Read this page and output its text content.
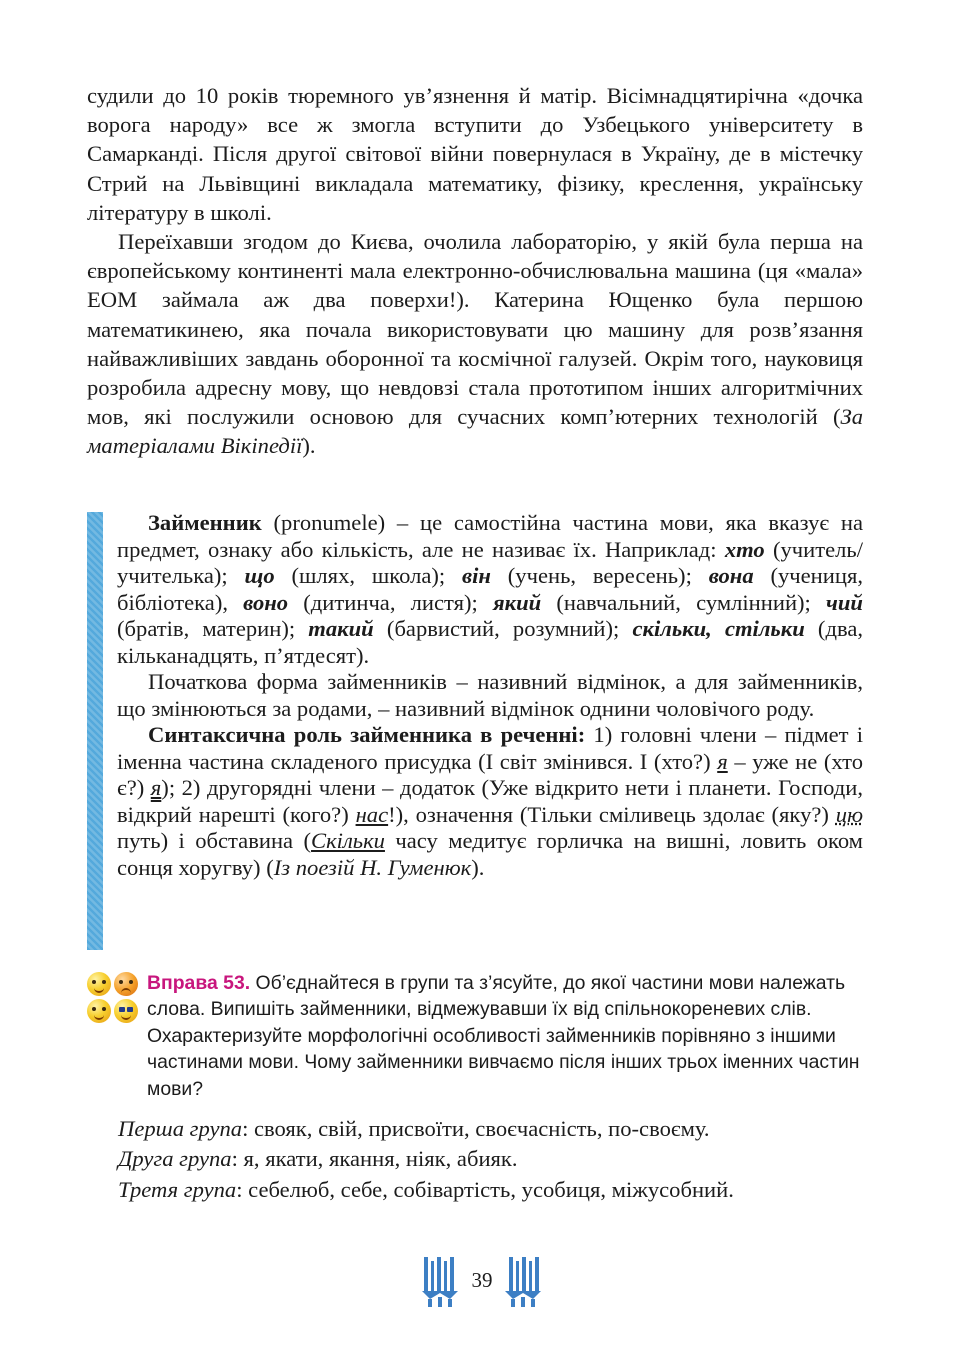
судили до 10 років тюремного ув’язнення й матір. Вісімнадцятирічна «дочка ворога народу» все ж змогла вступити до Узбецького університету в Самарканді. Після другої світової війни повернулася в Україну, де в містечку Стрий на Львівщині викладала математику, фізику, креслення, українську літературу в школі.

Переїхавши згодом до Києва, очолила лабораторію, у якій була перша на європейському континенті мала електронно-обчислювальна машина (ця «мала» ЕОМ займала аж два поверхи!). Катерина Ющенко була першою математикинею, яка почала використовувати цю машину для розв’язання найважливіших завдань оборонної та космічної галузей. Окрім того, науковиця розробила адресну мову, що невдовзі стала прототипом інших алгоритмічних мов, які послужили основою для сучасних комп’ютерних технологій (За матеріалами Вікіпедії).

Займенник (pronumele) – це самостійна частина мови, яка вказує на предмет, ознаку або кількість, але не називає їх. Наприклад: хто (учитель/учителька); що (шлях, школа); він (учень, вересень); вона (учениця, бібліотека), воно (дитинча, листя); який (навчальний, сумлінний); чий (братів, материн); такий (барвистий, розумний); скільки, стільки (два, кільканадцять, п’ятдесят).

Початкова форма займенників – називний відмінок, а для займенників, що змінюються за родами, – називний відмінок однини чоловічого роду.

Синтаксична роль займенника в реченні: 1) головні члени – підмет і іменна частина складеного присудка (І світ змінився. І (хто?) я – уже не (хто є?) я); 2) другорядні члени – додаток (Уже відкрито нети і планети. Господи, відкрий нарешті (кого?) нас!), означення (Тільки сміливець здолає (яку?) цю путь) і обставина (Скільки часу медитує горличка на вишні, ловить оком сонця хоругву) (Із поезій Н. Гуменюк).

Вправа 53. Об’єднайтеся в групи та з’ясуйте, до якої частини мови належать слова. Випишіть займенники, відмежувавши їх від спільнокореневих слів. Охарактеризуйте морфологічні особливості займенників порівняно з іншими частинами мови. Чому займенники вивчаємо після інших трьох іменних частин мови?
Перша група: свояк, свій, присвоїти, своєчасність, по-своєму.
Друга група: я, якати, якання, ніяк, абияк.
Третя група: себелюб, себе, собівартість, усобиця, міжусобний.
39
